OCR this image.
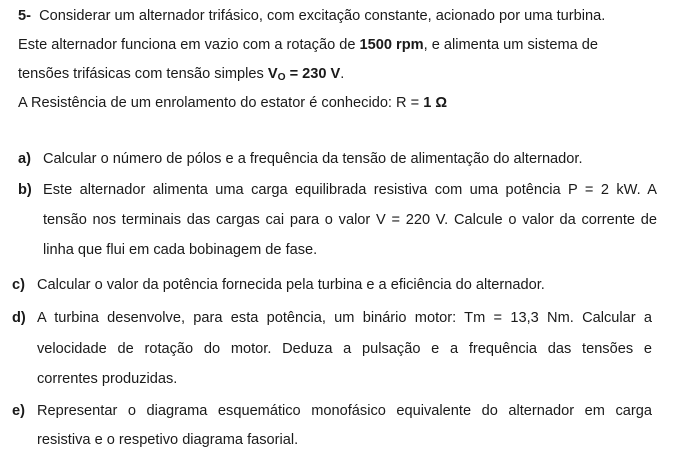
5- Considerar um alternador trifásico, com excitação constante, acionado por uma turbina.
Este alternador funciona em vazio com a rotação de 1500 rpm, e alimenta um sistema de
tensões trifásicas com tensão simples $V_O = 230$ V.
A Resistência de um enrolamento do estator é conhecido: R = 1 Ω
a) Calcular o número de pólos e a frequência da tensão de alimentação do alternador.
b) Este alternador alimenta uma carga equilibrada resistiva com uma potência P = 2 kW. A
tensão nos terminais das cargas cai para o valor V = 220 V. Calcule o valor da corrente de
linha que flui em cada bobinagem de fase.
c) Calcular o valor da potência fornecida pela turbina e a eficiência do alternador.
d) A turbina desenvolve, para esta potência, um binário motor: Tm = 13,3 Nm. Calcular a
velocidade de rotação do motor. Deduza a pulsação e a frequência das tensões e
correntes produzidas.
e) Representar o diagrama esquemático monofásico equivalente do alternador em carga
resistiva e o respetivo diagrama fasorial.
